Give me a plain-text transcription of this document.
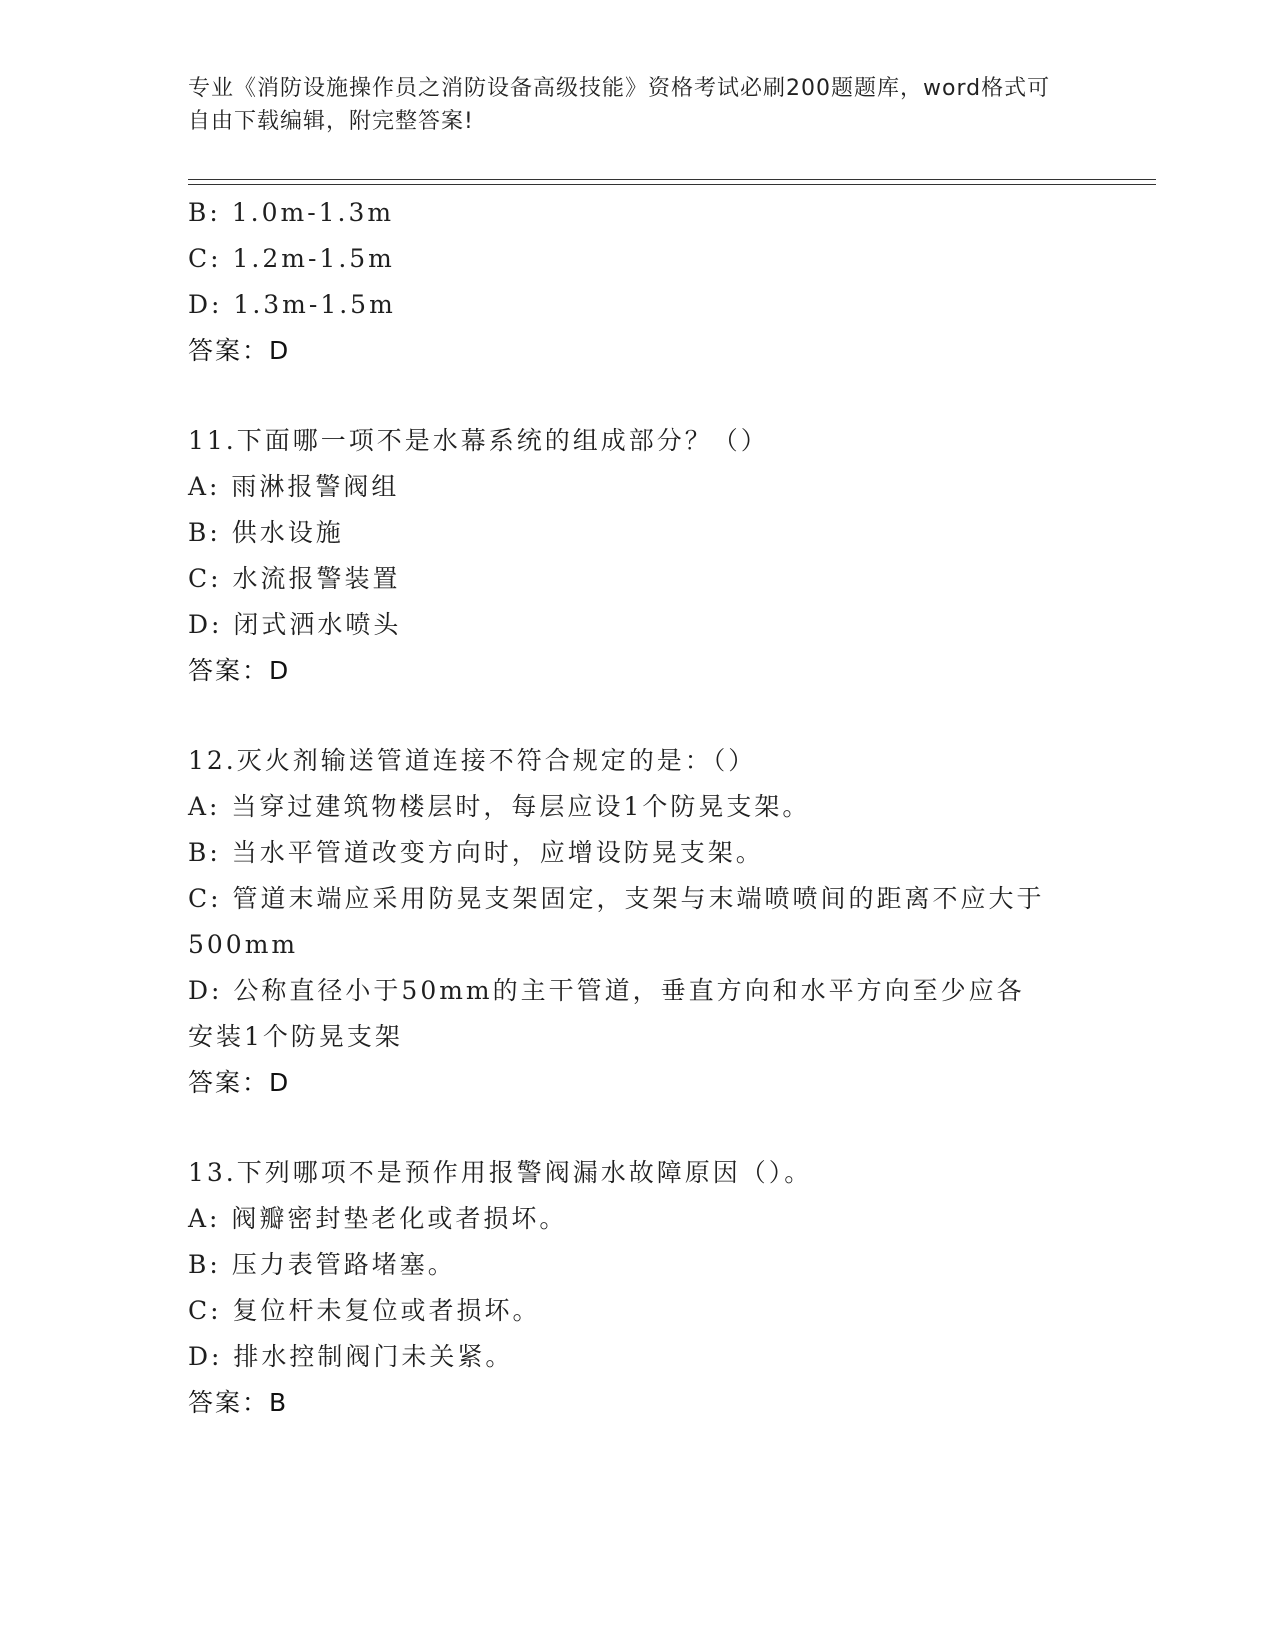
专业《消防设施操作员之消防设备高级技能》资格考试必刷200题题库，word格式可自由下载编辑，附完整答案!
B: 1.0m-1.3m
C: 1.2m-1.5m
D: 1.3m-1.5m
答案：D
11.下面哪一项不是水幕系统的组成部分？（）
A: 雨淋报警阀组
B: 供水设施
C: 水流报警装置
D: 闭式洒水喷头
答案：D
12.灭火剂输送管道连接不符合规定的是：（）
A: 当穿过建筑物楼层时，每层应设1个防晃支架。
B: 当水平管道改变方向时，应增设防晃支架。
C: 管道末端应采用防晃支架固定，支架与末端喷喷间的距离不应大于500mm
D: 公称直径小于50mm的主干管道，垂直方向和水平方向至少应各安装1个防晃支架
答案：D
13.下列哪项不是预作用报警阀漏水故障原因（）。
A: 阀瓣密封垫老化或者损坏。
B: 压力表管路堵塞。
C: 复位杆未复位或者损坏。
D: 排水控制阀门未关紧。
答案：B
